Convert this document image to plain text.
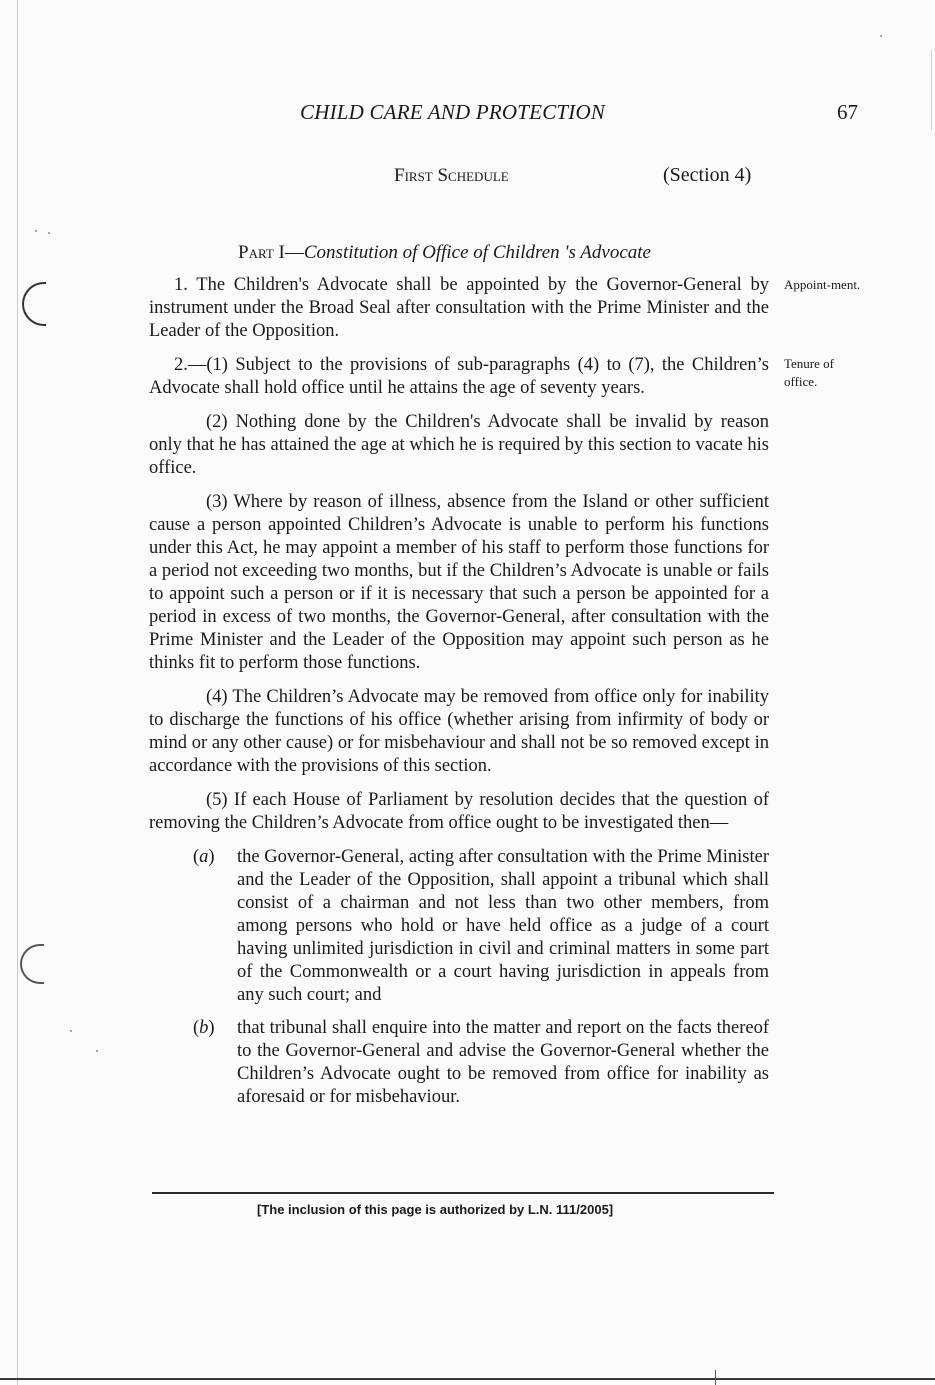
CHILD CARE AND PROTECTION	67
First Schedule	(Section 4)
Part I—Constitution of Office of Children 's Advocate
Appoint-ment.
Tenure of office.

1. The Children's Advocate shall be appointed by the Governor-General by instrument under the Broad Seal after consultation with the Prime Minister and the Leader of the Opposition.

2.—(1) Subject to the provisions of sub-paragraphs (4) to (7), the Children’s Advocate shall hold office until he attains the age of seventy years.

(2) Nothing done by the Children's Advocate shall be invalid by reason only that he has attained the age at which he is required by this section to vacate his office.

(3) Where by reason of illness, absence from the Island or other sufficient cause a person appointed Children’s Advocate is unable to perform his functions under this Act, he may appoint a member of his staff to perform those functions for a period not exceeding two months, but if the Children’s Advocate is unable or fails to appoint such a person or if it is necessary that such a person be appointed for a period in excess of two months, the Governor-General, after consultation with the Prime Minister and the Leader of the Opposition may appoint such person as he thinks fit to perform those functions.

(4) The Children’s Advocate may be removed from office only for inability to discharge the functions of his office (whether arising from infirmity of body or mind or any other cause) or for misbehaviour and shall not be so removed except in accordance with the provisions of this section.

(5) If each House of Parliament by resolution decides that the question of removing the Children’s Advocate from office ought to be investigated then—

(a) the Governor-General, acting after consultation with the Prime Minister and the Leader of the Opposition, shall appoint a tribunal which shall consist of a chairman and not less than two other members, from among persons who hold or have held office as a judge of a court having unlimited jurisdiction in civil and criminal matters in some part of the Commonwealth or a court having jurisdiction in appeals from any such court; and
(b) that tribunal shall enquire into the matter and report on the facts thereof to the Governor-General and advise the Governor-General whether the Children’s Advocate ought to be removed from office for inability as aforesaid or for misbehaviour.
[The inclusion of this page is authorized by L.N. 111/2005]
